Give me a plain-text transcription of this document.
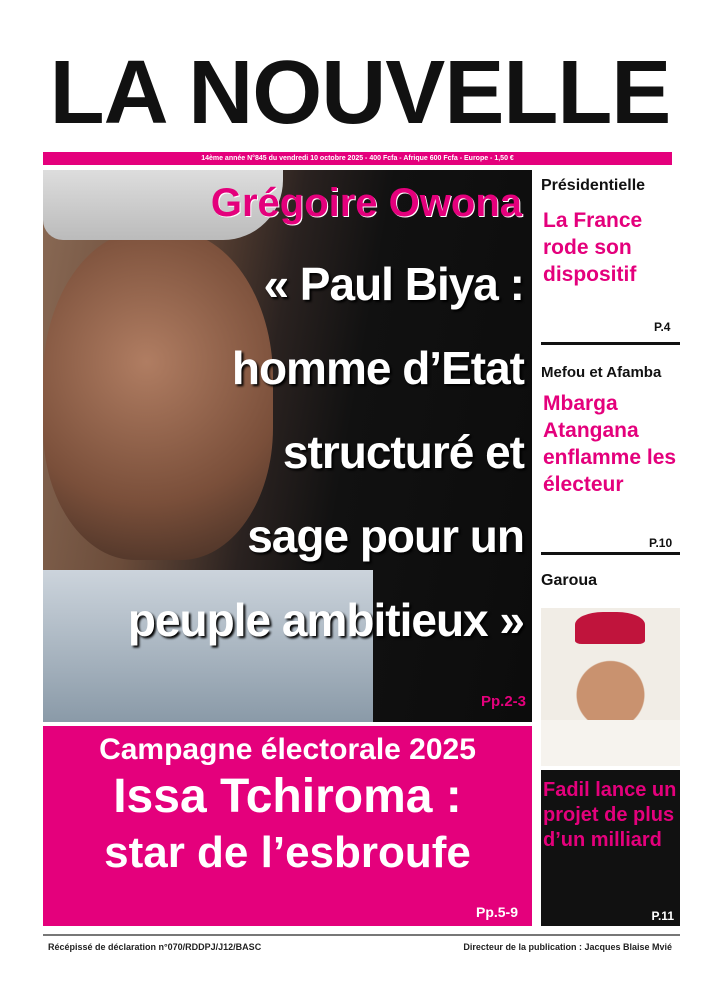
LA NOUVELLE
14ème année N°845 du vendredi 10 octobre 2025 - 400 Fcfa - Afrique 600 Fcfa - Europe - 1,50 €
Grégoire Owona
« Paul Biya :
homme d’Etat
structuré et
sage pour un
peuple ambitieux »
Pp.2-3
Campagne électorale 2025
Issa Tchiroma :
star de l’esbroufe
Pp.5-9
Présidentielle
La France rode son dispositif
P.4
Mefou et Afamba
Mbarga Atangana enflamme les électeur
P.10
Garoua
Fadil lance un projet de plus d’un milliard
P.11
Récépissé de déclaration n°070/RDDPJ/J12/BASC	Directeur de la publication : Jacques Blaise Mvié
